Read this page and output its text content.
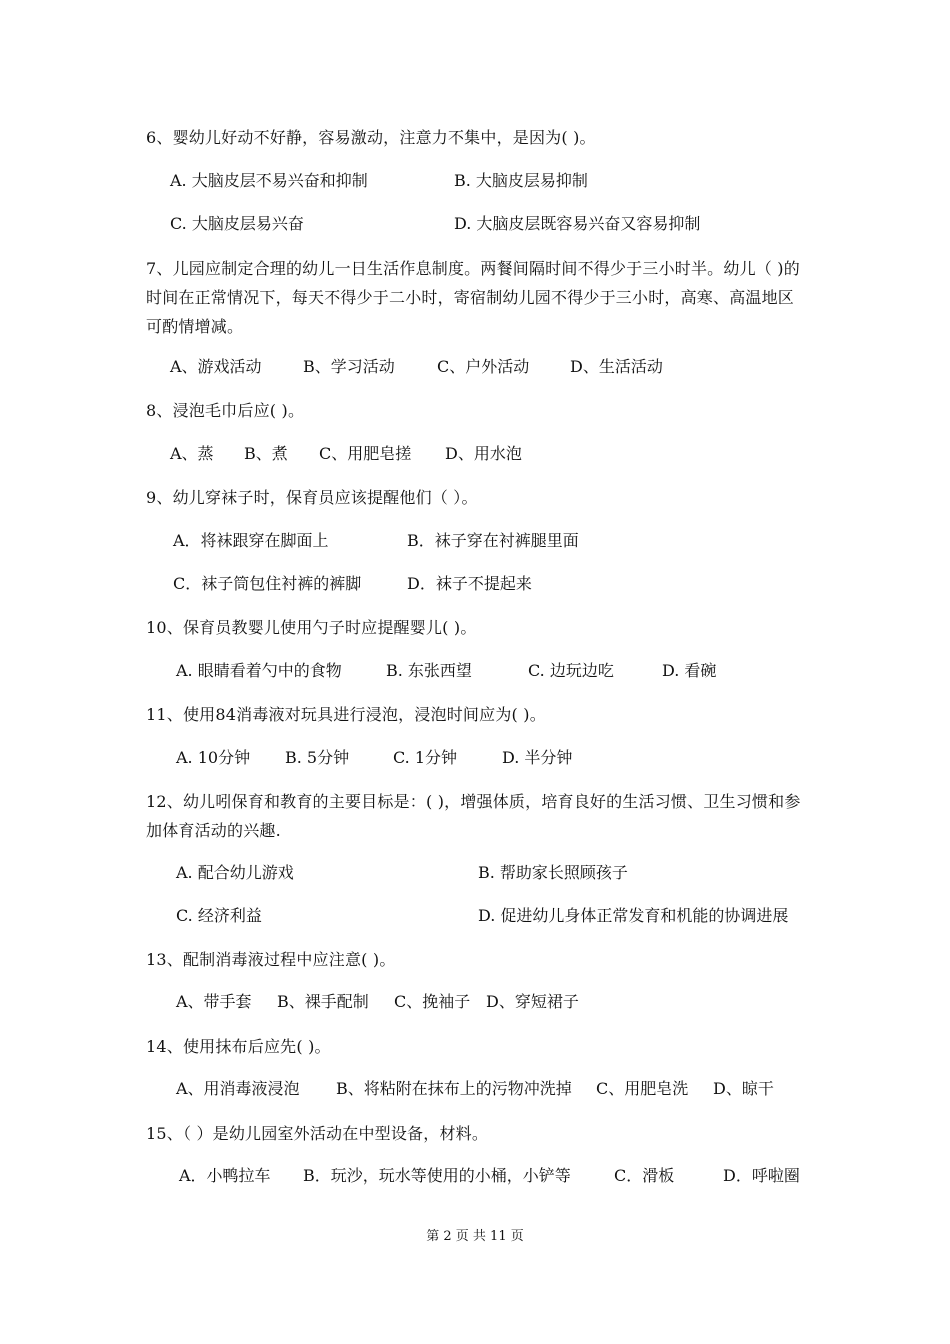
6、婴幼儿好动不好静，容易激动，注意力不集中，是因为( )。

A. 大脑皮层不易兴奋和抑制	B. 大脑皮层易抑制
C. 大脑皮层易兴奋	D. 大脑皮层既容易兴奋又容易抑制

7、儿园应制定合理的幼儿一日生活作息制度。两餐间隔时间不得少于三小时半。幼儿（ )的时间在正常情况下，每天不得少于二小时，寄宿制幼儿园不得少于三小时，高寒、高温地区可酌情增减。

A、游戏活动	B、学习活动	C、户外活动	D、生活活动

8、浸泡毛巾后应( )。

A、蒸 B、煮 C、用肥皂搓 D、用水泡

9、幼儿穿袜子时，保育员应该提醒他们（ ）。

A．将袜跟穿在脚面上	B．袜子穿在衬裤腿里面
C．袜子筒包住衬裤的裤脚	D．袜子不提起来

10、保育员教婴儿使用勺子时应提醒婴儿( )。

A. 眼睛看着勺中的食物	B. 东张西望	C. 边玩边吃	D. 看碗

11、使用84消毒液对玩具进行浸泡，浸泡时间应为( )。

A. 10分钟 B. 5分钟	C. 1分钟	D. 半分钟

12、幼儿吲保育和教育的主要目标是：( )，增强体质，培育良好的生活习惯、卫生习惯和参加体育活动的兴趣.

A. 配合幼儿游戏	B. 帮助家长照顾孩子
C. 经济利益	D. 促进幼儿身体正常发育和机能的协调进展

13、配制消毒液过程中应注意( )。

A、带手套 B、裸手配制 C、挽袖子 D、穿短裙子

14、使用抹布后应先( )。

A、用消毒液浸泡 B、将粘附在抹布上的污物冲洗掉 C、用肥皂洗 D、晾干

15、（ ）是幼儿园室外活动在中型设备，材料。

A．小鸭拉车 B．玩沙，玩水等使用的小桶，小铲等	C．滑板	D．呼啦圈
第 2 页 共 11 页
